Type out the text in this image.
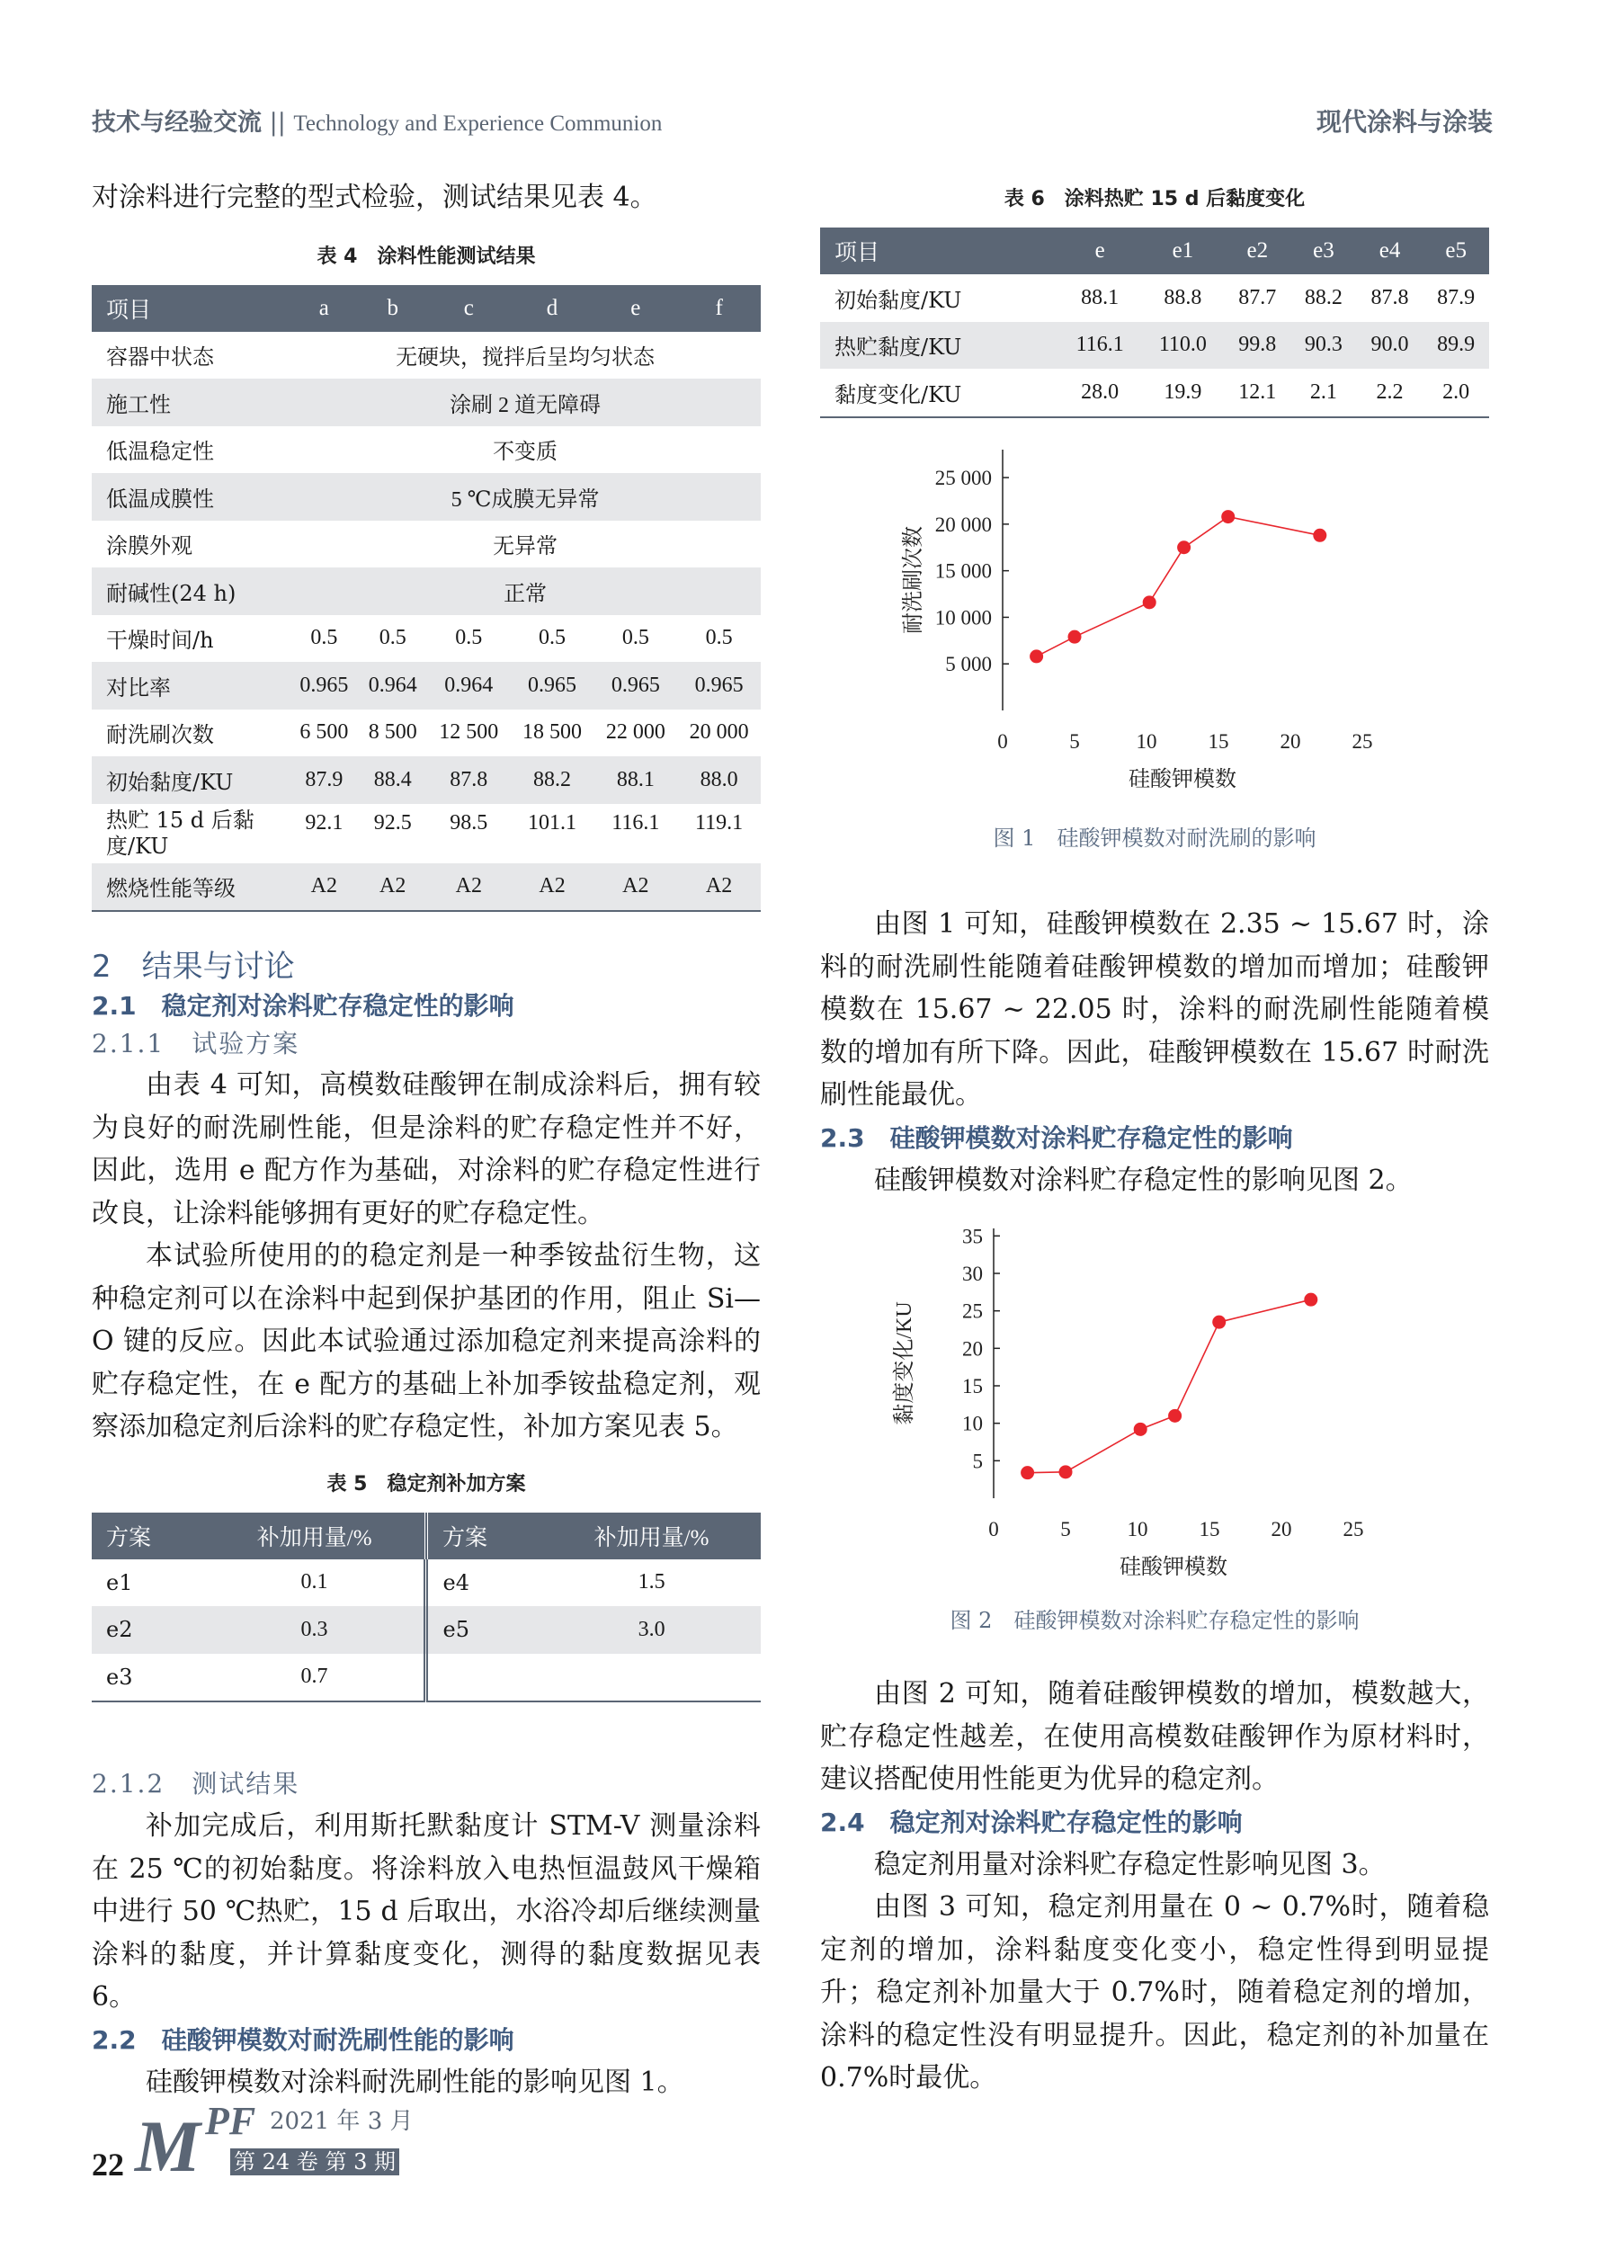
技术与经验交流 || Technology and Experience Communion	现代涂料与涂装

对涂料进行完整的型式检验，测试结果见表 4。

表 4　涂料性能测试结果
项目	a	b	c	d	e	f
容器中状态	无硬块，搅拌后呈均匀状态					
施工性	涂刷 2 道无障碍					
低温稳定性	不变质					
低温成膜性	5 ℃成膜无异常					
涂膜外观	无异常					
耐碱性(24 h)	正常					
干燥时间/h	0.5	0.5	0.5	0.5	0.5	0.5
对比率	0.965	0.964	0.964	0.965	0.965	0.965
耐洗刷次数	6 500	8 500	12 500	18 500	22 000	20 000
初始黏度/KU	87.9	88.4	87.8	88.2	88.1	88.0
热贮 15 d 后黏度/KU	92.1	92.5	98.5	101.1	116.1	119.1
燃烧性能等级	A2	A2	A2	A2	A2	A2

2　结果与讨论

2.1　稳定剂对涂料贮存稳定性的影响

2.1.1　试验方案

由表 4 可知，高模数硅酸钾在制成涂料后，拥有较为良好的耐洗刷性能，但是涂料的贮存稳定性并不好，因此，选用 e 配方作为基础，对涂料的贮存稳定性进行改良，让涂料能够拥有更好的贮存稳定性。

本试验所使用的的稳定剂是一种季铵盐衍生物，这种稳定剂可以在涂料中起到保护基团的作用，阻止 Si—O 键的反应。因此本试验通过添加稳定剂来提高涂料的贮存稳定性，在 e 配方的基础上补加季铵盐稳定剂，观察添加稳定剂后涂料的贮存稳定性，补加方案见表 5。

表 5　稳定剂补加方案
方案	补加用量/%	方案	补加用量/%
e1	0.1	e4	1.5
e2	0.3	e5	3.0
e3	0.7		

2.1.2　测试结果

补加完成后，利用斯托默黏度计 STM-V 测量涂料在 25 ℃的初始黏度。将涂料放入电热恒温鼓风干燥箱中进行 50 ℃热贮，15 d 后取出，水浴冷却后继续测量涂料的黏度，并计算黏度变化，测得的黏度数据见表 6。

2.2　硅酸钾模数对耐洗刷性能的影响

硅酸钾模数对涂料耐洗刷性能的影响见图 1。

表 6　涂料热贮 15 d 后黏度变化
项目	e	e1	e2	e3	e4	e5
初始黏度/KU	88.1	88.8	87.7	88.2	87.8	87.9
热贮黏度/KU	116.1	110.0	99.8	90.3	90.0	89.9
黏度变化/KU	28.0	19.9	12.1	2.1	2.2	2.0
5 000
10 000
15 000
20 000
25 000
0	5	10 15 20 25
硅酸钾模数
耐洗刷次数
图 1　硅酸钾模数对耐洗刷的影响

由图 1 可知，硅酸钾模数在 2.35 ~ 15.67 时，涂料的耐洗刷性能随着硅酸钾模数的增加而增加；硅酸钾模数在 15.67 ~ 22.05 时，涂料的耐洗刷性能随着模数的增加有所下降。因此，硅酸钾模数在 15.67 时耐洗刷性能最优。

2.3　硅酸钾模数对涂料贮存稳定性的影响

硅酸钾模数对涂料贮存稳定性的影响见图 2。

5
10
15
20
25
30
35
0	5	10 15 20 25
硅酸钾模数
黏度变化/KU
图 2　硅酸钾模数对涂料贮存稳定性的影响

由图 2 可知，随着硅酸钾模数的增加，模数越大，贮存稳定性越差，在使用高模数硅酸钾作为原材料时，建议搭配使用性能更为优异的稳定剂。

2.4　稳定剂对涂料贮存稳定性的影响

稳定剂用量对涂料贮存稳定性影响见图 3。

由图 3 可知，稳定剂用量在 0 ~ 0.7%时，随着稳定剂的增加，涂料黏度变化变小，稳定性得到明显提升；稳定剂补加量大于 0.7%时，随着稳定剂的增加，涂料的稳定性没有明显提升。因此，稳定剂的补加量在 0.7%时最优。

22 M PF 2021 年 3 月
第 24 卷 第 3 期
